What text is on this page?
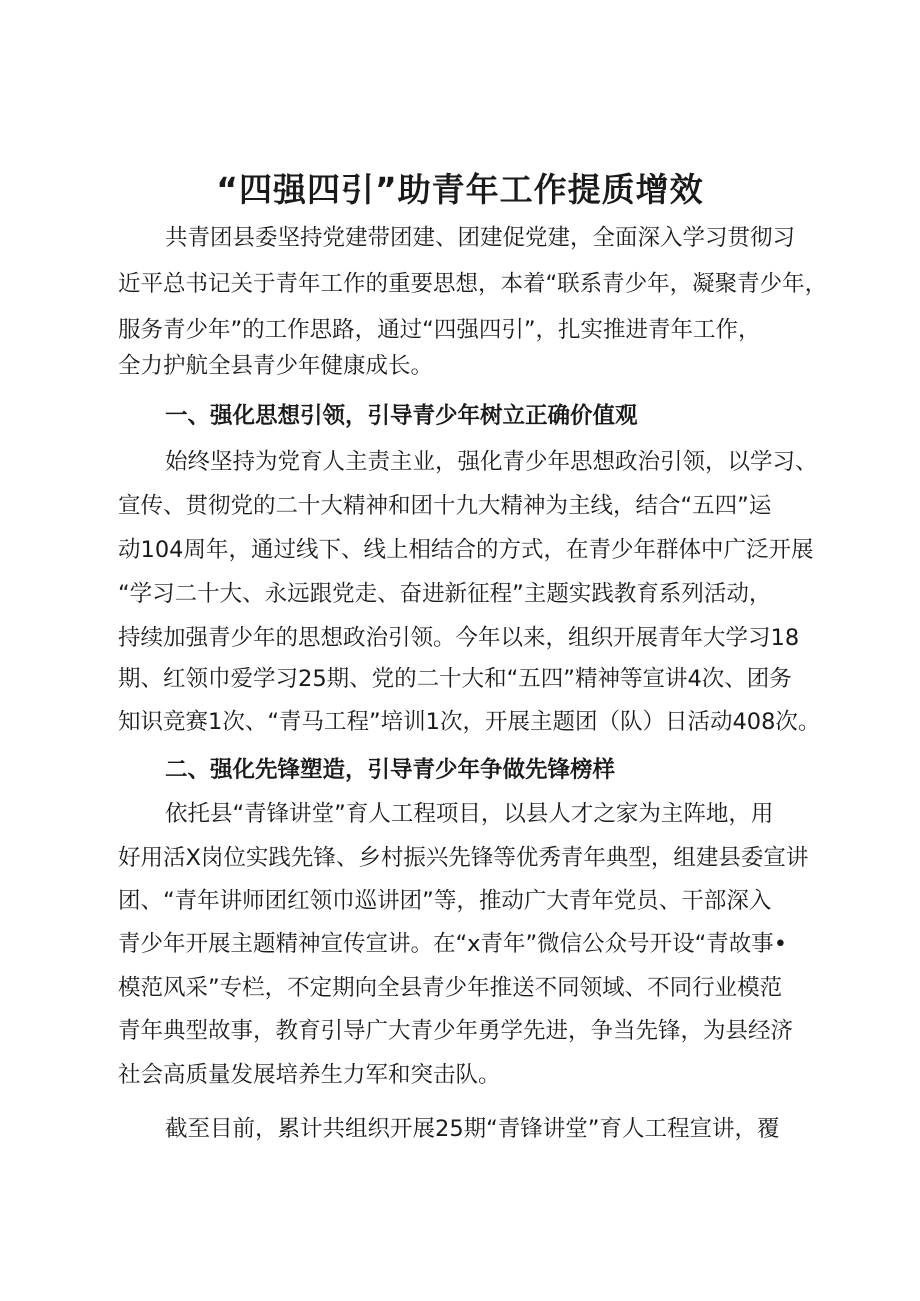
“四强四引”助青年工作提质增效

共青团县委坚持党建带团建、团建促党建，全面深入学习贯彻习

近平总书记关于青年工作的重要思想，本着“联系青少年，凝聚青少年，

服务青少年”的工作思路，通过“四强四引”，扎实推进青年工作，

全力护航全县青少年健康成长。

一、强化思想引领，引导青少年树立正确价值观

始终坚持为党育人主责主业，强化青少年思想政治引领，以学习、

宣传、贯彻党的二十大精神和团十九大精神为主线，结合“五四”运

动104周年，通过线下、线上相结合的方式，在青少年群体中广泛开展

“学习二十大、永远跟党走、奋进新征程”主题实践教育系列活动，

持续加强青少年的思想政治引领。今年以来，组织开展青年大学习18

期、红领巾爱学习25期、党的二十大和“五四”精神等宣讲4次、团务

知识竞赛1次、“青马工程”培训1次，开展主题团（队）日活动408次。

二、强化先锋塑造，引导青少年争做先锋榜样

依托县“青锋讲堂”育人工程项目，以县人才之家为主阵地，用

好用活X岗位实践先锋、乡村振兴先锋等优秀青年典型，组建县委宣讲

团、“青年讲师团红领巾巡讲团”等，推动广大青年党员、干部深入

青少年开展主题精神宣传宣讲。在“x青年”微信公众号开设“青故事•

模范风采”专栏，不定期向全县青少年推送不同领域、不同行业模范

青年典型故事，教育引导广大青少年勇学先进，争当先锋，为县经济

社会高质量发展培养生力军和突击队。

截至目前，累计共组织开展25期“青锋讲堂”育人工程宣讲，覆
